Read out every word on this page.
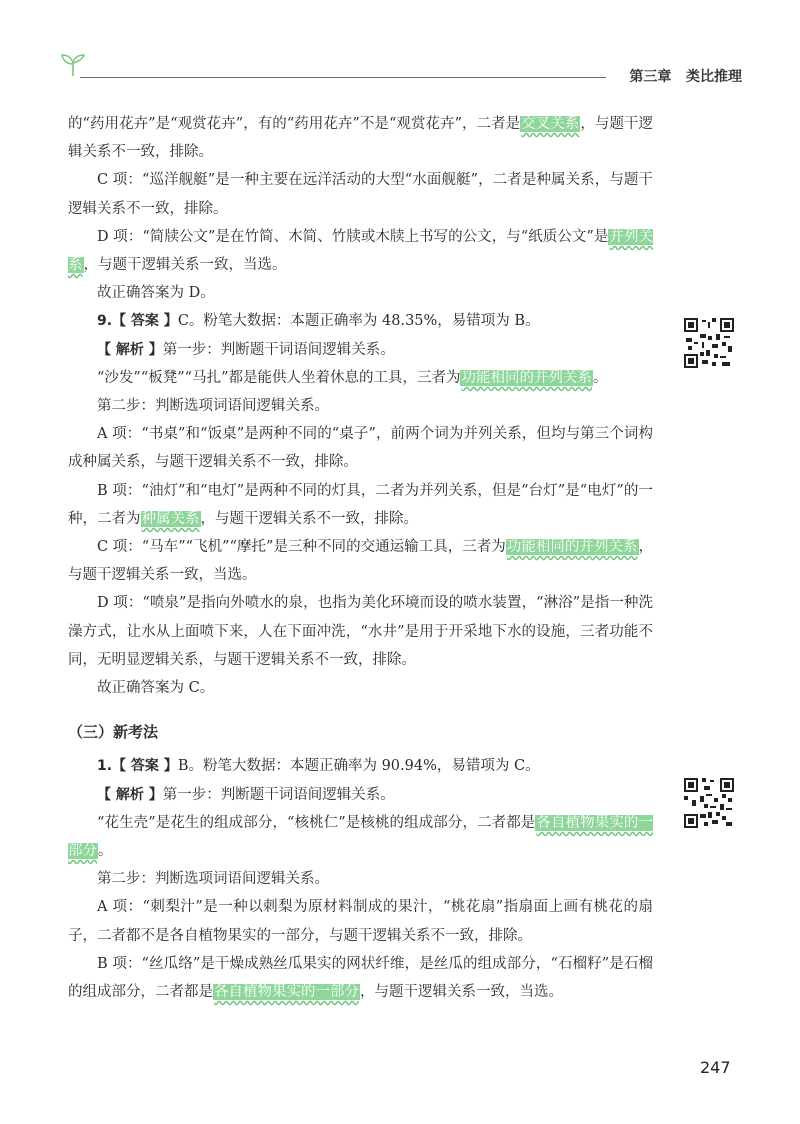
第三章 类比推理

的“药用花卉”是“观赏花卉”，有的“药用花卉”不是“观赏花卉”，二者是交叉关系，与题干逻辑关系不一致，排除。

C 项：“巡洋舰艇”是一种主要在远洋活动的大型“水面舰艇”，二者是种属关系，与题干逻辑关系不一致，排除。

D 项：“简牍公文”是在竹简、木简、竹牍或木牍上书写的公文，与“纸质公文”是并列关系，与题干逻辑关系一致，当选。

故正确答案为 D。

9.【 答案 】C。粉笔大数据：本题正确率为 48.35%，易错项为 B。

【 解析 】第一步：判断题干词语间逻辑关系。

“沙发”“板凳”“马扎”都是能供人坐着休息的工具，三者为功能相同的并列关系。

第二步：判断选项词语间逻辑关系。

A 项：“书桌”和“饭桌”是两种不同的“桌子”，前两个词为并列关系，但均与第三个词构成种属关系，与题干逻辑关系不一致，排除。

B 项：“油灯”和“电灯”是两种不同的灯具，二者为并列关系，但是“台灯”是“电灯”的一种，二者为种属关系，与题干逻辑关系不一致，排除。

C 项：“马车”“飞机”“摩托”是三种不同的交通运输工具，三者为功能相同的并列关系，与题干逻辑关系一致，当选。

D 项：“喷泉”是指向外喷水的泉，也指为美化环境而设的喷水装置，“淋浴”是指一种洗澡方式，让水从上面喷下来，人在下面冲洗，“水井”是用于开采地下水的设施，三者功能不同，无明显逻辑关系，与题干逻辑关系不一致，排除。

故正确答案为 C。

（三）新考法

1.【 答案 】B。粉笔大数据：本题正确率为 90.94%，易错项为 C。

【 解析 】第一步：判断题干词语间逻辑关系。

“花生壳”是花生的组成部分，“核桃仁”是核桃的组成部分，二者都是各自植物果实的一部分。

第二步：判断选项词语间逻辑关系。

A 项：“刺梨汁”是一种以刺梨为原材料制成的果汁，“桃花扇”指扇面上画有桃花的扇子，二者都不是各自植物果实的一部分，与题干逻辑关系不一致，排除。

B 项：“丝瓜络”是干燥成熟丝瓜果实的网状纤维，是丝瓜的组成部分，“石榴籽”是石榴的组成部分，二者都是各自植物果实的一部分，与题干逻辑关系一致，当选。

247
